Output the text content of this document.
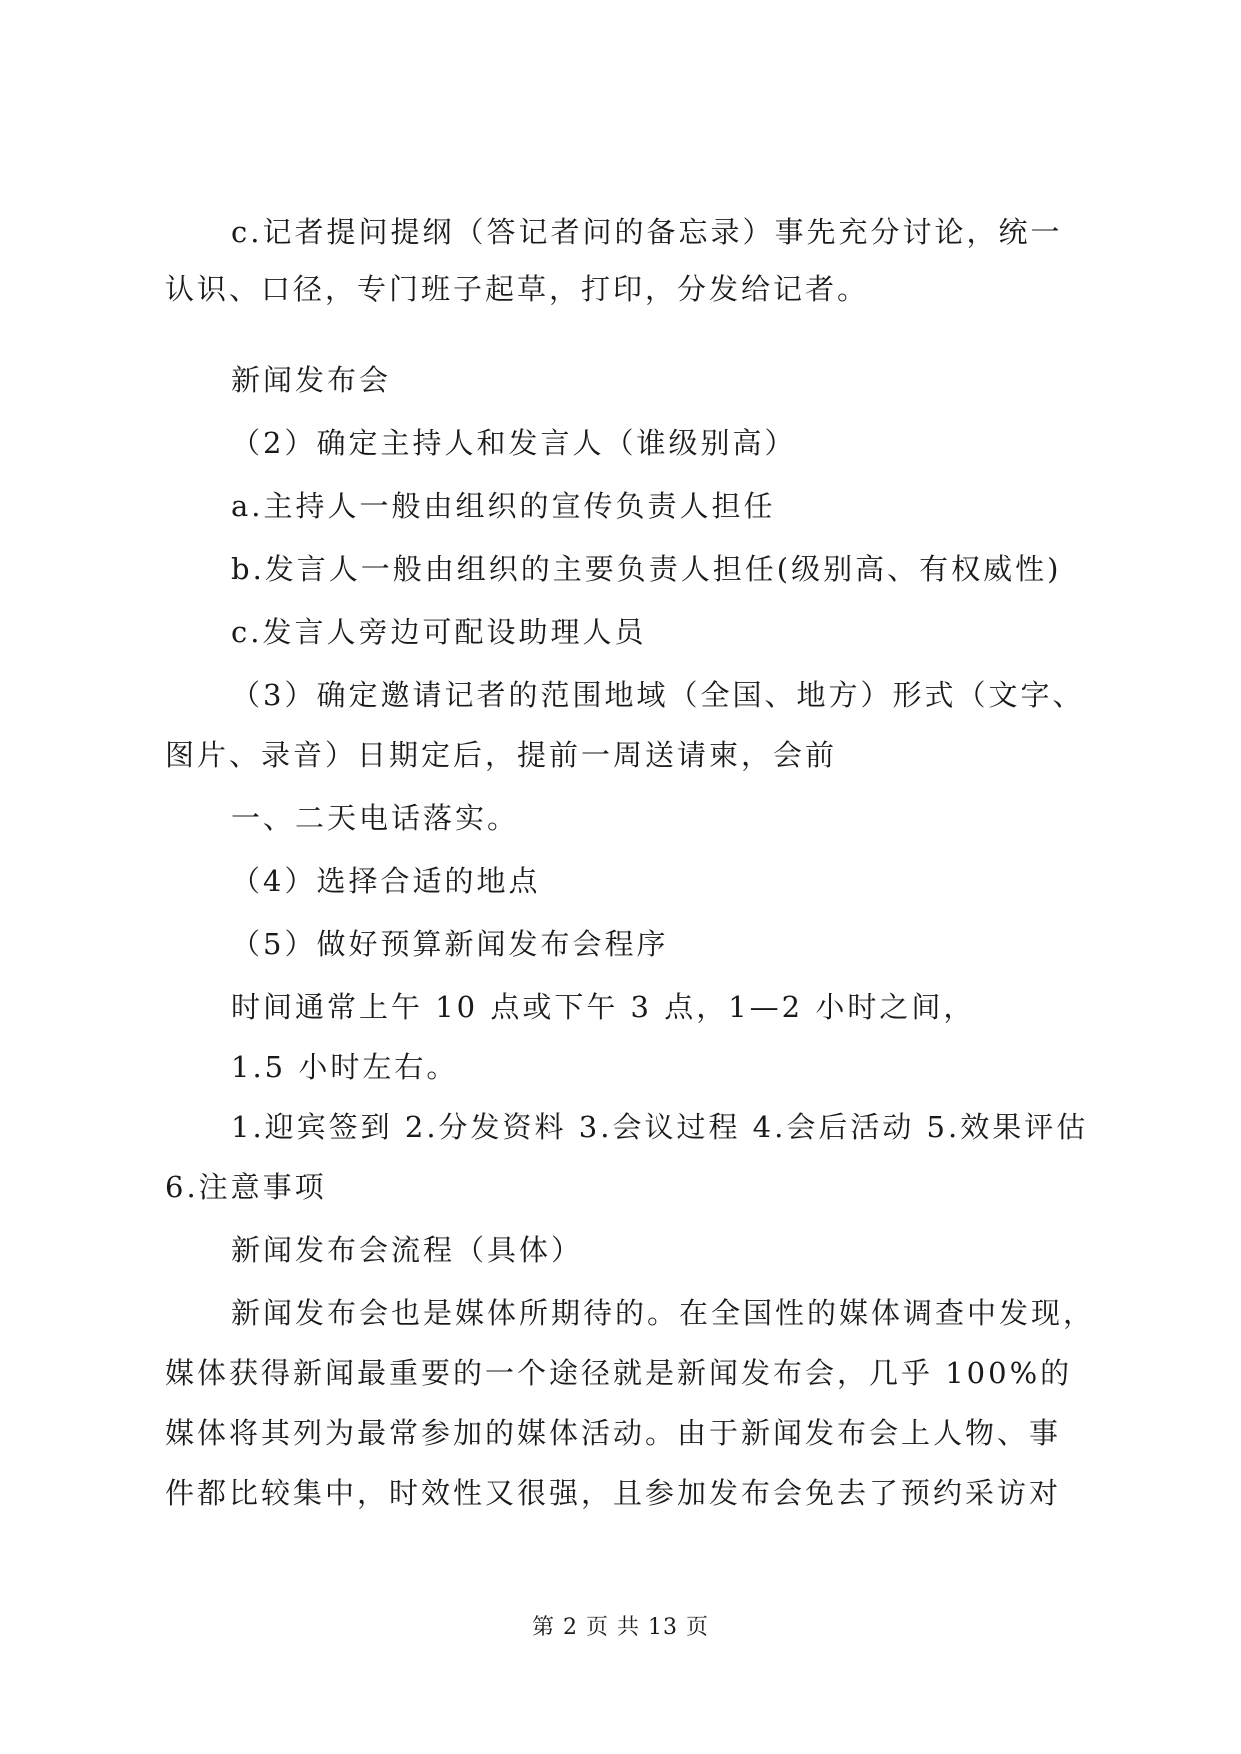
c.记者提问提纲（答记者问的备忘录）事先充分讨论，统一
认识、口径，专门班子起草，打印，分发给记者。
新闻发布会
（2）确定主持人和发言人（谁级别高）
a.主持人一般由组织的宣传负责人担任
b.发言人一般由组织的主要负责人担任(级别高、有权威性)
c.发言人旁边可配设助理人员
（3）确定邀请记者的范围地域（全国、地方）形式（文字、
图片、录音）日期定后，提前一周送请柬，会前
一、二天电话落实。
（4）选择合适的地点
（5）做好预算新闻发布会程序
时间通常上午 10 点或下午 3 点，1—2 小时之间，
1.5 小时左右。
1.迎宾签到 2.分发资料 3.会议过程 4.会后活动 5.效果评估
6.注意事项
新闻发布会流程（具体）
新闻发布会也是媒体所期待的。在全国性的媒体调查中发现，
媒体获得新闻最重要的一个途径就是新闻发布会，几乎 100%的
媒体将其列为最常参加的媒体活动。由于新闻发布会上人物、事
件都比较集中，时效性又很强，且参加发布会免去了预约采访对
第 2 页 共 13 页
